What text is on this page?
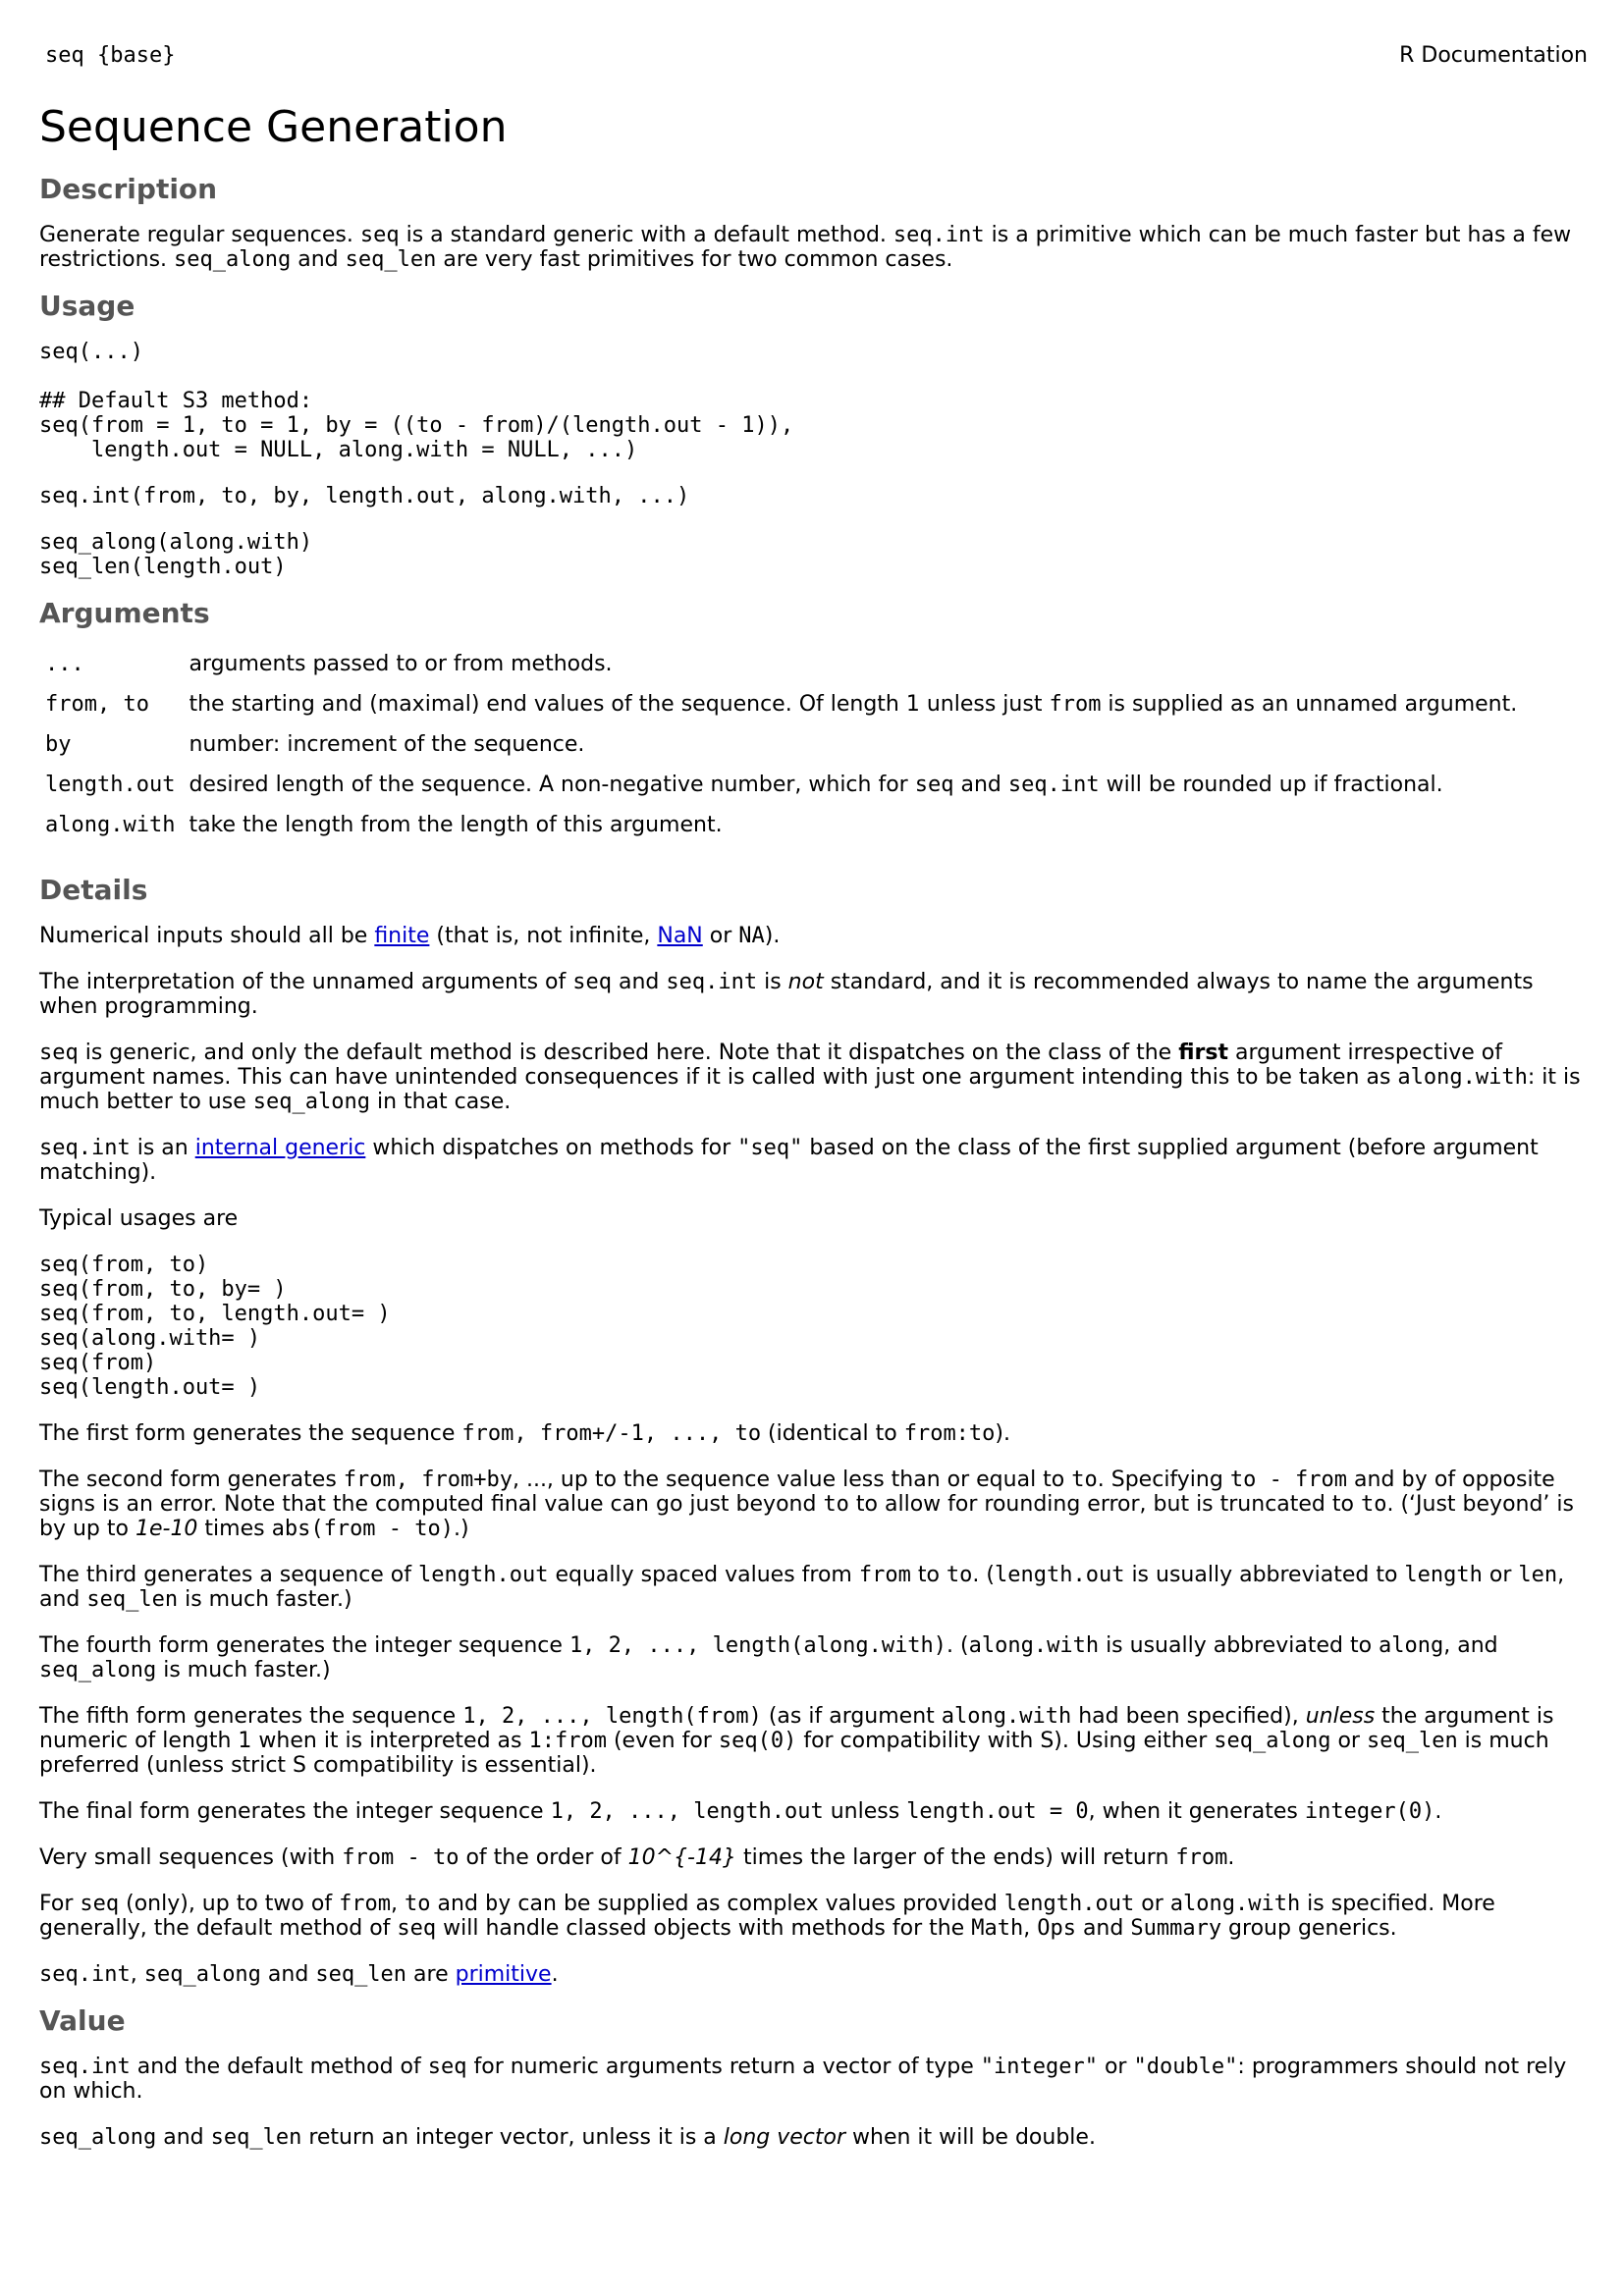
seq {base}	R Documentation
Sequence Generation
Description

Generate regular sequences. seq is a standard generic with a default method. seq.int is a primitive which can be much faster but has a few restrictions. seq_along and seq_len are very fast primitives for two common cases.

Usage
seq(...)

## Default S3 method:
seq(from = 1, to = 1, by = ((to - from)/(length.out - 1)),
length.out = NULL, along.with = NULL, ...)
seq.int(from, to, by, length.out, along.with, ...)
seq_along(along.with)
seq_len(length.out)
Arguments
...	arguments passed to or from methods.
from, to	the starting and (maximal) end values of the sequence. Of length 1 unless just from is supplied as an unnamed argument.
by	number: increment of the sequence.
length.out	desired length of the sequence. A non-negative number, which for seq and seq.int will be rounded up if fractional.
along.with	take the length from the length of this argument.
Details

Numerical inputs should all be finite (that is, not infinite, NaN or NA).

The interpretation of the unnamed arguments of seq and seq.int is not standard, and it is recommended always to name the arguments when programming.

seq is generic, and only the default method is described here. Note that it dispatches on the class of the first argument irrespective of argument names. This can have unintended consequences if it is called with just one argument intending this to be taken as along.with: it is much better to use seq_along in that case.

seq.int is an internal generic which dispatches on methods for "seq" based on the class of the first supplied argument (before argument matching).

Typical usages are

seq(from, to)
seq(from, to, by= )
seq(from, to, length.out= )
seq(along.with= )
seq(from)
seq(length.out= )

The first form generates the sequence from, from+/-1, ..., to (identical to from:to).

The second form generates from, from+by, ..., up to the sequence value less than or equal to to. Specifying to - from and by of opposite signs is an error. Note that the computed final value can go just beyond to to allow for rounding error, but is truncated to to. (‘Just beyond’ is by up to 1e-10 times abs(from - to).)

The third generates a sequence of length.out equally spaced values from from to to. (length.out is usually abbreviated to length or len, and seq_len is much faster.)

The fourth form generates the integer sequence 1, 2, ..., length(along.with). (along.with is usually abbreviated to along, and seq_along is much faster.)

The fifth form generates the sequence 1, 2, ..., length(from) (as if argument along.with had been specified), unless the argument is numeric of length 1 when it is interpreted as 1:from (even for seq(0) for compatibility with S). Using either seq_along or seq_len is much preferred (unless strict S compatibility is essential).

The final form generates the integer sequence 1, 2, ..., length.out unless length.out = 0, when it generates integer(0).

Very small sequences (with from - to of the order of 10^{-14} times the larger of the ends) will return from.

For seq (only), up to two of from, to and by can be supplied as complex values provided length.out or along.with is specified. More generally, the default method of seq will handle classed objects with methods for the Math, Ops and Summary group generics.

seq.int, seq_along and seq_len are primitive.

Value

seq.int and the default method of seq for numeric arguments return a vector of type "integer" or "double": programmers should not rely on which.

seq_along and seq_len return an integer vector, unless it is a long vector when it will be double.
